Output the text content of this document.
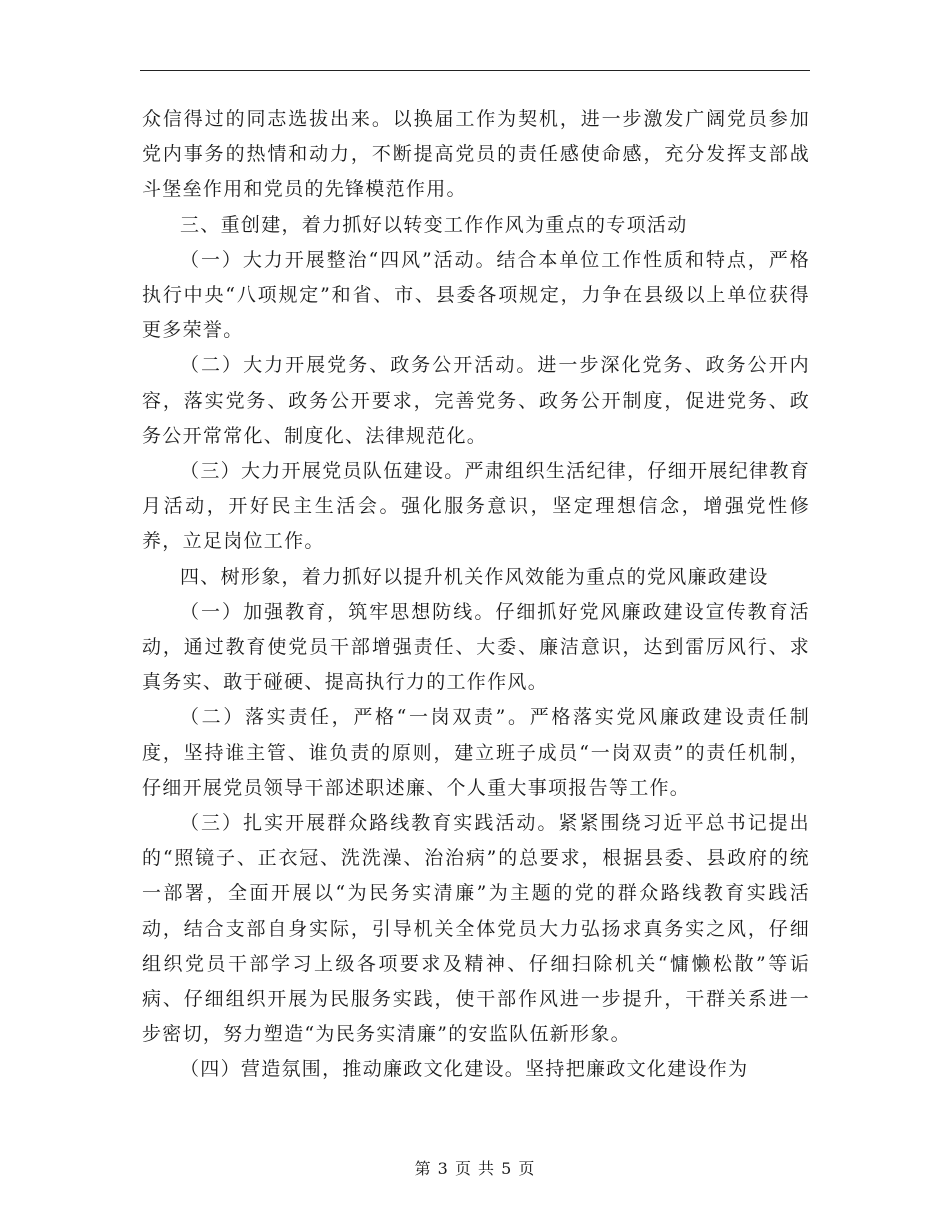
众信得过的同志选拔出来。以换届工作为契机，进一步激发广阔党员参加党内事务的热情和动力，不断提高党员的责任感使命感，充分发挥支部战斗堡垒作用和党员的先锋模范作用。

三、重创建，着力抓好以转变工作作风为重点的专项活动

（一）大力开展整治“四风”活动。结合本单位工作性质和特点，严格执行中央“八项规定”和省、市、县委各项规定，力争在县级以上单位获得更多荣誉。

（二）大力开展党务、政务公开活动。进一步深化党务、政务公开内容，落实党务、政务公开要求，完善党务、政务公开制度，促进党务、政务公开常常化、制度化、法律规范化。

（三）大力开展党员队伍建设。严肃组织生活纪律，仔细开展纪律教育月活动，开好民主生活会。强化服务意识，坚定理想信念，增强党性修养，立足岗位工作。

四、树形象，着力抓好以提升机关作风效能为重点的党风廉政建设

（一）加强教育，筑牢思想防线。仔细抓好党风廉政建设宣传教育活动，通过教育使党员干部增强责任、大委、廉洁意识，达到雷厉风行、求真务实、敢于碰硬、提高执行力的工作作风。

（二）落实责任，严格“一岗双责”。严格落实党风廉政建设责任制度，坚持谁主管、谁负责的原则，建立班子成员“一岗双责”的责任机制，仔细开展党员领导干部述职述廉、个人重大事项报告等工作。

（三）扎实开展群众路线教育实践活动。紧紧围绕习近平总书记提出的“照镜子、正衣冠、洗洗澡、治治病”的总要求，根据县委、县政府的统一部署，全面开展以“为民务实清廉”为主题的党的群众路线教育实践活动，结合支部自身实际，引导机关全体党员大力弘扬求真务实之风，仔细组织党员干部学习上级各项要求及精神、仔细扫除机关“慵懒松散”等诟病、仔细组织开展为民服务实践，使干部作风进一步提升，干群关系进一步密切，努力塑造“为民务实清廉”的安监队伍新形象。

（四）营造氛围，推动廉政文化建设。坚持把廉政文化建设作为

第 3 页 共 5 页
